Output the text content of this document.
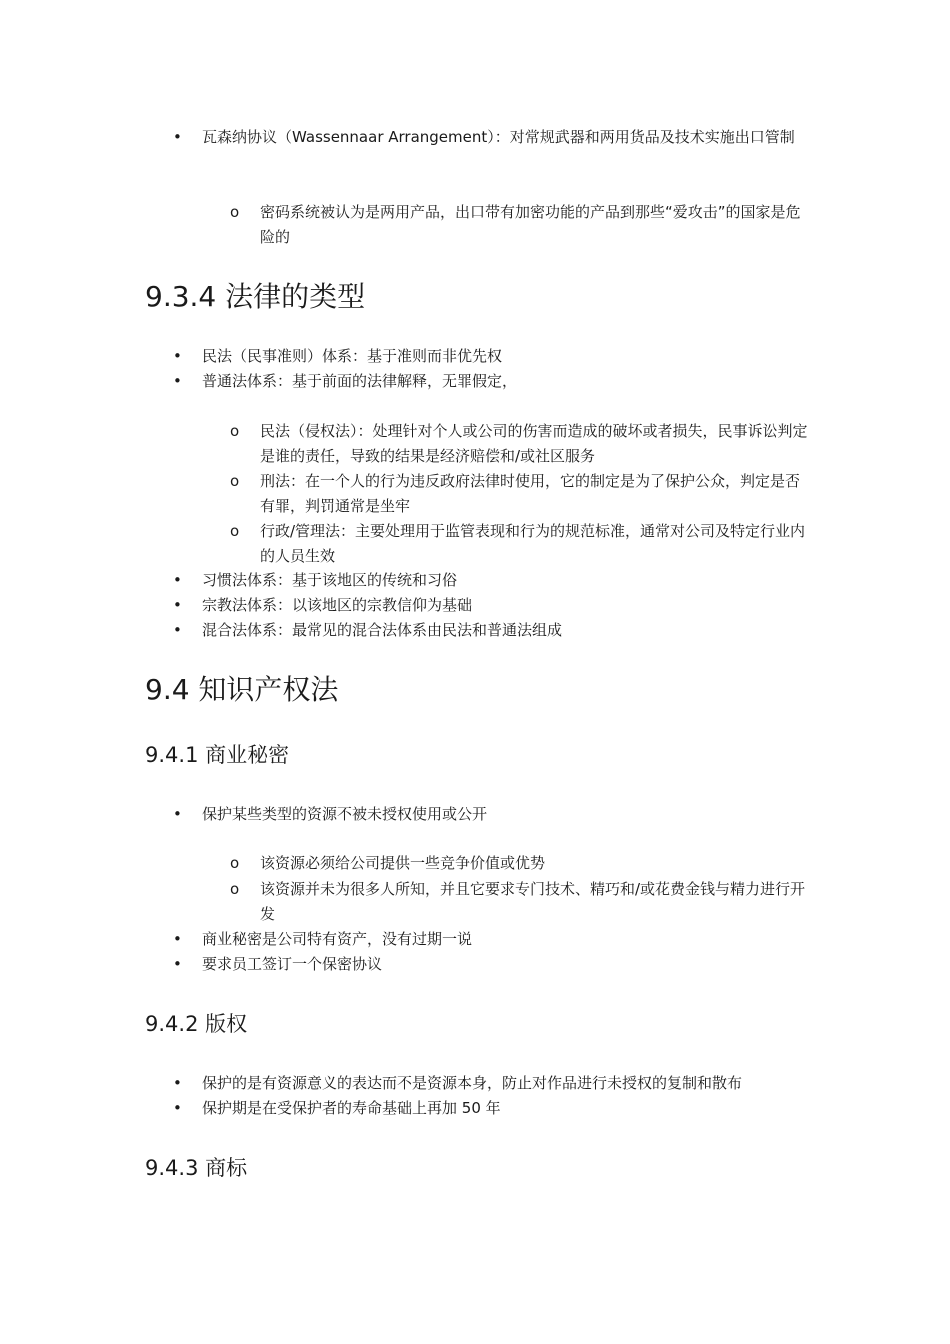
• 瓦森纳协议（Wassennaar Arrangement）：对常规武器和两用货品及技术实施出口管制
o 密码系统被认为是两用产品，出口带有加密功能的产品到那些“爱攻击”的国家是危险的
9.3.4 法律的类型
• 民法（民事准则）体系：基于准则而非优先权
• 普通法体系：基于前面的法律解释，无罪假定，
o 民法（侵权法）：处理针对个人或公司的伤害而造成的破坏或者损失，民事诉讼判定是谁的责任，导致的结果是经济赔偿和/或社区服务
o 刑法：在一个人的行为违反政府法律时使用，它的制定是为了保护公众，判定是否有罪，判罚通常是坐牢
o 行政/管理法：主要处理用于监管表现和行为的规范标准，通常对公司及特定行业内的人员生效
• 习惯法体系：基于该地区的传统和习俗
• 宗教法体系：以该地区的宗教信仰为基础
• 混合法体系：最常见的混合法体系由民法和普通法组成
9.4 知识产权法
9.4.1 商业秘密
• 保护某些类型的资源不被未授权使用或公开
o 该资源必须给公司提供一些竞争价值或优势
o 该资源并未为很多人所知，并且它要求专门技术、精巧和/或花费金钱与精力进行开发
• 商业秘密是公司特有资产，没有过期一说
• 要求员工签订一个保密协议
9.4.2 版权
• 保护的是有资源意义的表达而不是资源本身，防止对作品进行未授权的复制和散布
• 保护期是在受保护者的寿命基础上再加 50 年
9.4.3 商标
